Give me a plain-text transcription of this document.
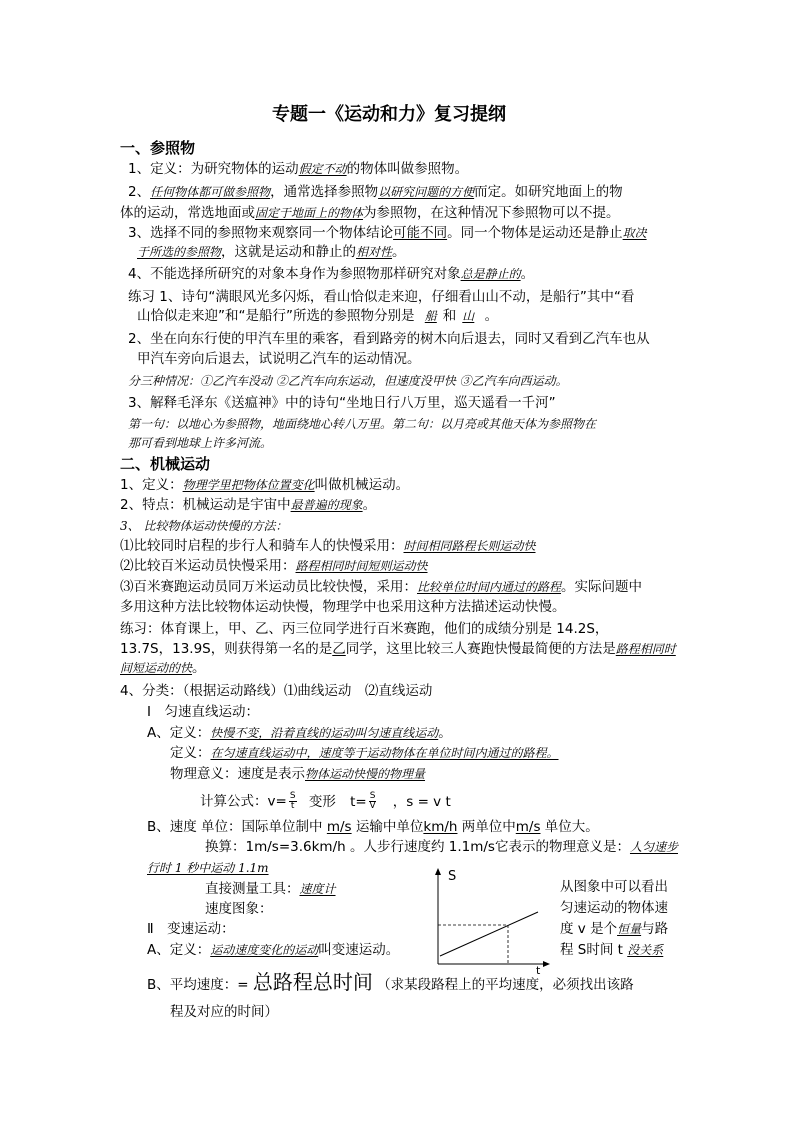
专题一《运动和力》复习提纲
一、参照物
1、定义：为研究物体的运动假定不动的物体叫做参照物。
2、任何物体都可做参照物，通常选择参照物以研究问题的方便而定。如研究地面上的物
体的运动，常选地面或固定于地面上的物体为参照物，在这种情况下参照物可以不提。
3、选择不同的参照物来观察同一个物体结论可能不同。同一个物体是运动还是静止取决
于所选的参照物，这就是运动和静止的相对性。
4、不能选择所研究的对象本身作为参照物那样研究对象总是静止的。
练习 1、诗句“满眼风光多闪烁，看山恰似走来迎，仔细看山山不动，是船行”其中“看
山恰似走来迎”和“是船行”所选的参照物分别是 船 和 山 。
2、坐在向东行使的甲汽车里的乘客，看到路旁的树木向后退去，同时又看到乙汽车也从
甲汽车旁向后退去，试说明乙汽车的运动情况。
分三种情况：①乙汽车没动 ②乙汽车向东运动，但速度没甲快 ③乙汽车向西运动。
3、解释毛泽东《送瘟神》中的诗句“坐地日行八万里，巡天遥看一千河”
第一句：以地心为参照物，地面绕地心转八万里。第二句：以月亮或其他天体为参照物在
那可看到地球上许多河流。
二、机械运动
1、定义：物理学里把物体位置变化叫做机械运动。
2、特点：机械运动是宇宙中最普遍的现象。
3、 比较物体运动快慢的方法：
⑴比较同时启程的步行人和骑车人的快慢采用：时间相同路程长则运动快
⑵比较百米运动员快慢采用：路程相同时间短则运动快
⑶百米赛跑运动员同万米运动员比较快慢，采用：比较单位时间内通过的路程。实际问题中
多用这种方法比较物体运动快慢，物理学中也采用这种方法描述运动快慢。
练习：体育课上，甲、乙、丙三位同学进行百米赛跑，他们的成绩分别是 14.2S，
13.7S，13.9S，则获得第一名的是乙同学，这里比较三人赛跑快慢最简便的方法是路程相同时
间短运动的快。
4、分类：（根据运动路线）⑴曲线运动　⑵直线运动
Ⅰ　匀速直线运动：
A、定义：快慢不变，沿着直线的运动叫匀速直线运动。
定义：在匀速直线运动中，速度等于运动物体在单位时间内通过的路程。
物理意义：速度是表示物体运动快慢的物理量
计算公式：$v= \frac{S}{t}$ 变形 $t= \frac{S}{V}$ ，s = v t
B、速度 单位：国际单位制中 m/s 运输中单位km/h 两单位中m/s 单位大。
换算：1m/s=3.6km/h 。人步行速度约 1.1m/s它表示的物理意义是：人匀速步
行时 1 秒中运动 1.1m
直接测量工具：速度计
速度图象：
Ⅱ　变速运动：
A、定义：运动速度变化的运动叫变速运动。
B、平均速度：= 总路程总时间 （求某段路程上的平均速度，必须找出该路
程及对应的时间）
从图象中可以看出
匀速运动的物体速
度 v 是个恒量与路
程 S时间 t 没关系
S
t
